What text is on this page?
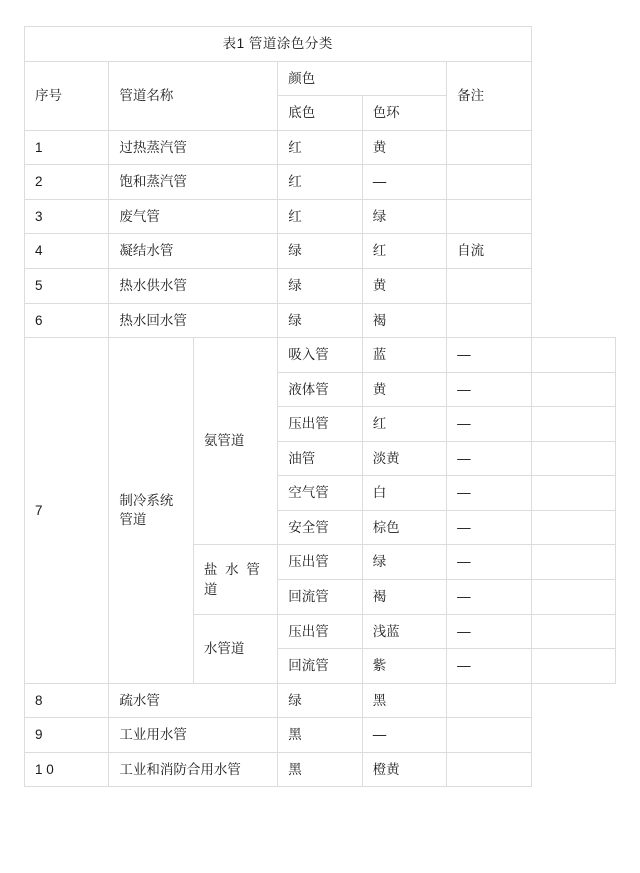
表1 管道涂色分类						
序号	管道名称		颜色		备注	
			底色	色环		
1	过热蒸汽管		红	黄		
2	饱和蒸汽管		红	—		
3	废气管		红	绿		
4	凝结水管		绿	红	自流	
5	热水供水管		绿	黄		
6	热水回水管		绿	褐		
7	制冷系统管道	氨管道	吸入管	蓝	—	
			液体管	黄	—	
			压出管	红	—	
			油管	淡黄	—	
			空气管	白	—	
			安全管	棕色	—	
		盐 水 管 道	压出管	绿	—	
			回流管	褐	—	
		水管道	压出管	浅蓝	—	
			回流管	紫	—	
8	疏水管		绿	黑		
9	工业用水管		黑	—		
1 0	工业和消防合用水管		黑	橙黄		
